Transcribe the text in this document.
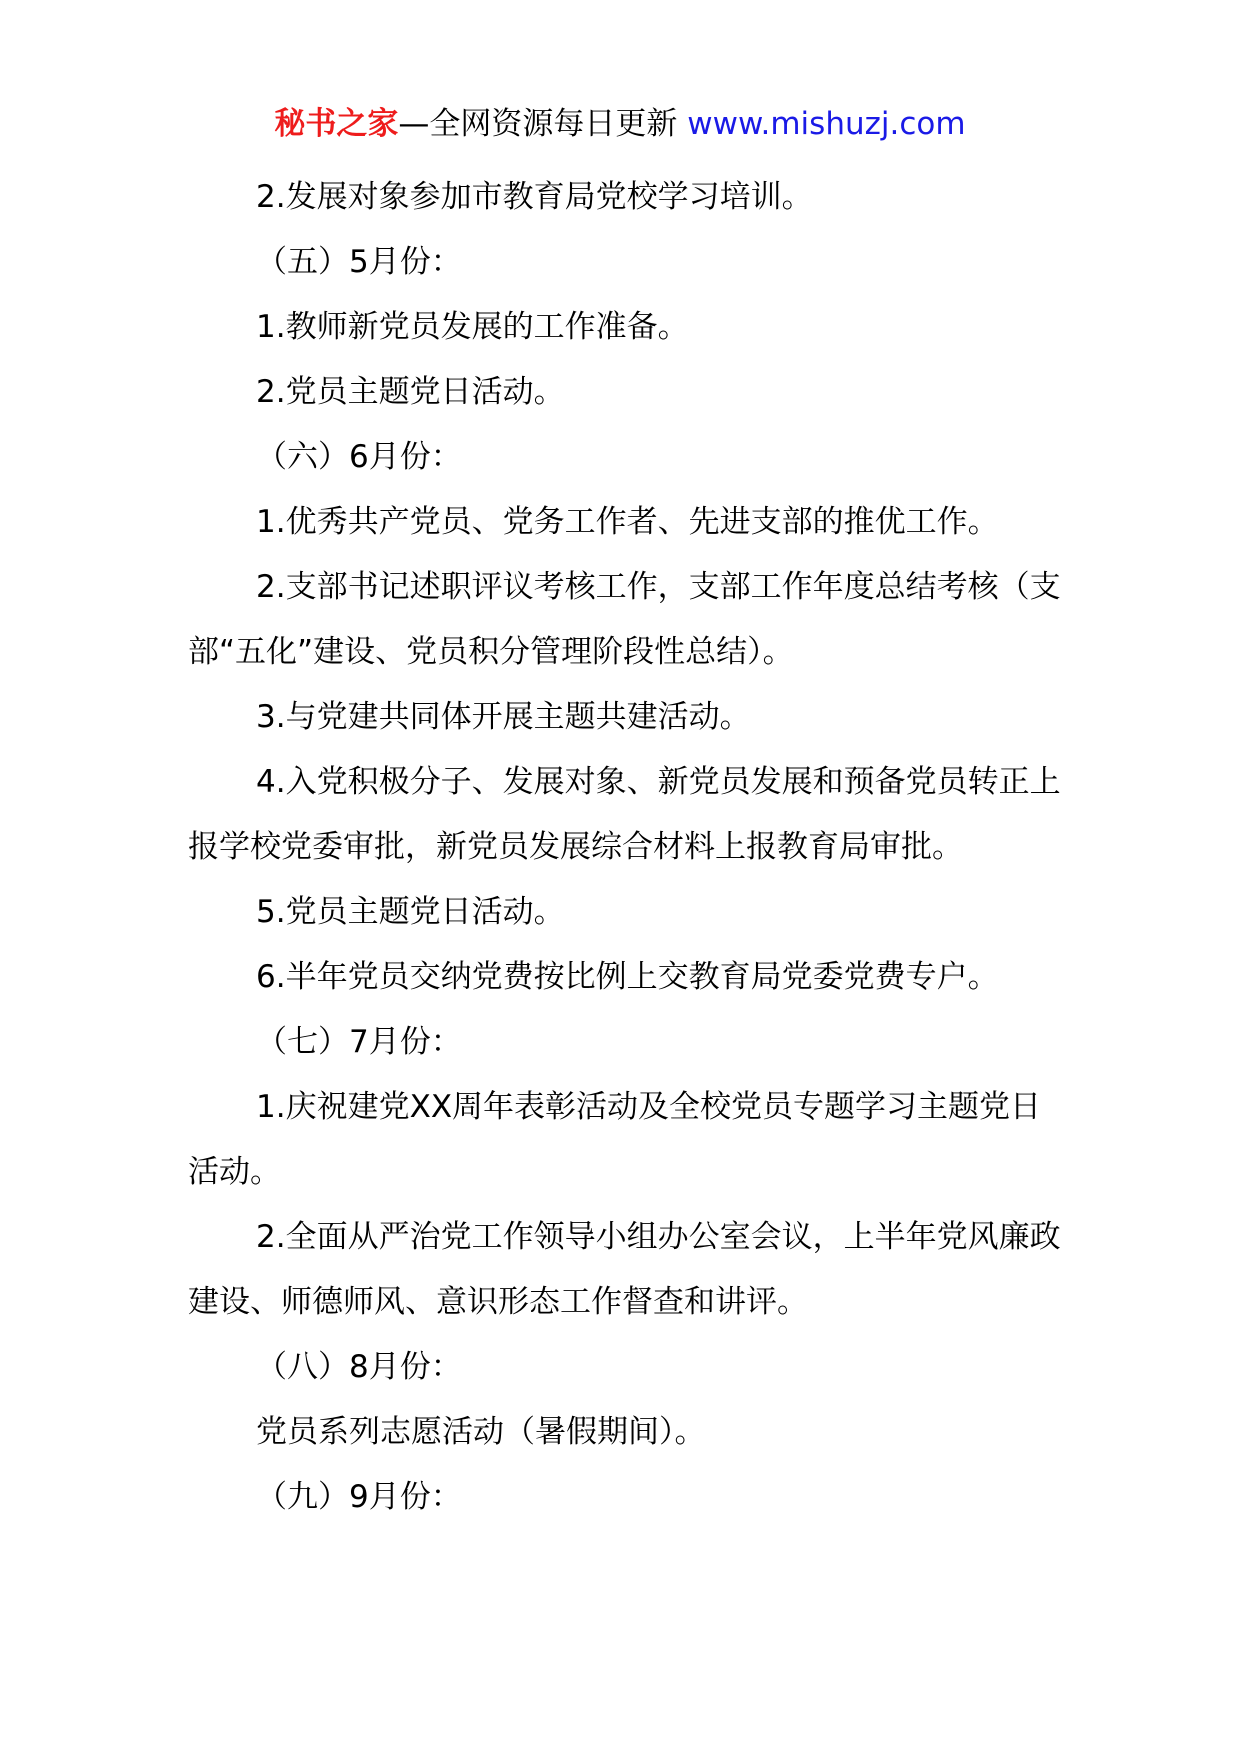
秘书之家—全网资源每日更新 www.mishuzj.com

2.发展对象参加市教育局党校学习培训。

（五）5月份：

1.教师新党员发展的工作准备。

2.党员主题党日活动。

（六）6月份：

1.优秀共产党员、党务工作者、先进支部的推优工作。

2.支部书记述职评议考核工作，支部工作年度总结考核（支部“五化”建设、党员积分管理阶段性总结）。

3.与党建共同体开展主题共建活动。

4.入党积极分子、发展对象、新党员发展和预备党员转正上报学校党委审批，新党员发展综合材料上报教育局审批。

5.党员主题党日活动。

6.半年党员交纳党费按比例上交教育局党委党费专户。

（七）7月份：

1.庆祝建党XX周年表彰活动及全校党员专题学习主题党日活动。

2.全面从严治党工作领导小组办公室会议，上半年党风廉政建设、师德师风、意识形态工作督查和讲评。

（八）8月份：

党员系列志愿活动（暑假期间）。

（九）9月份：
